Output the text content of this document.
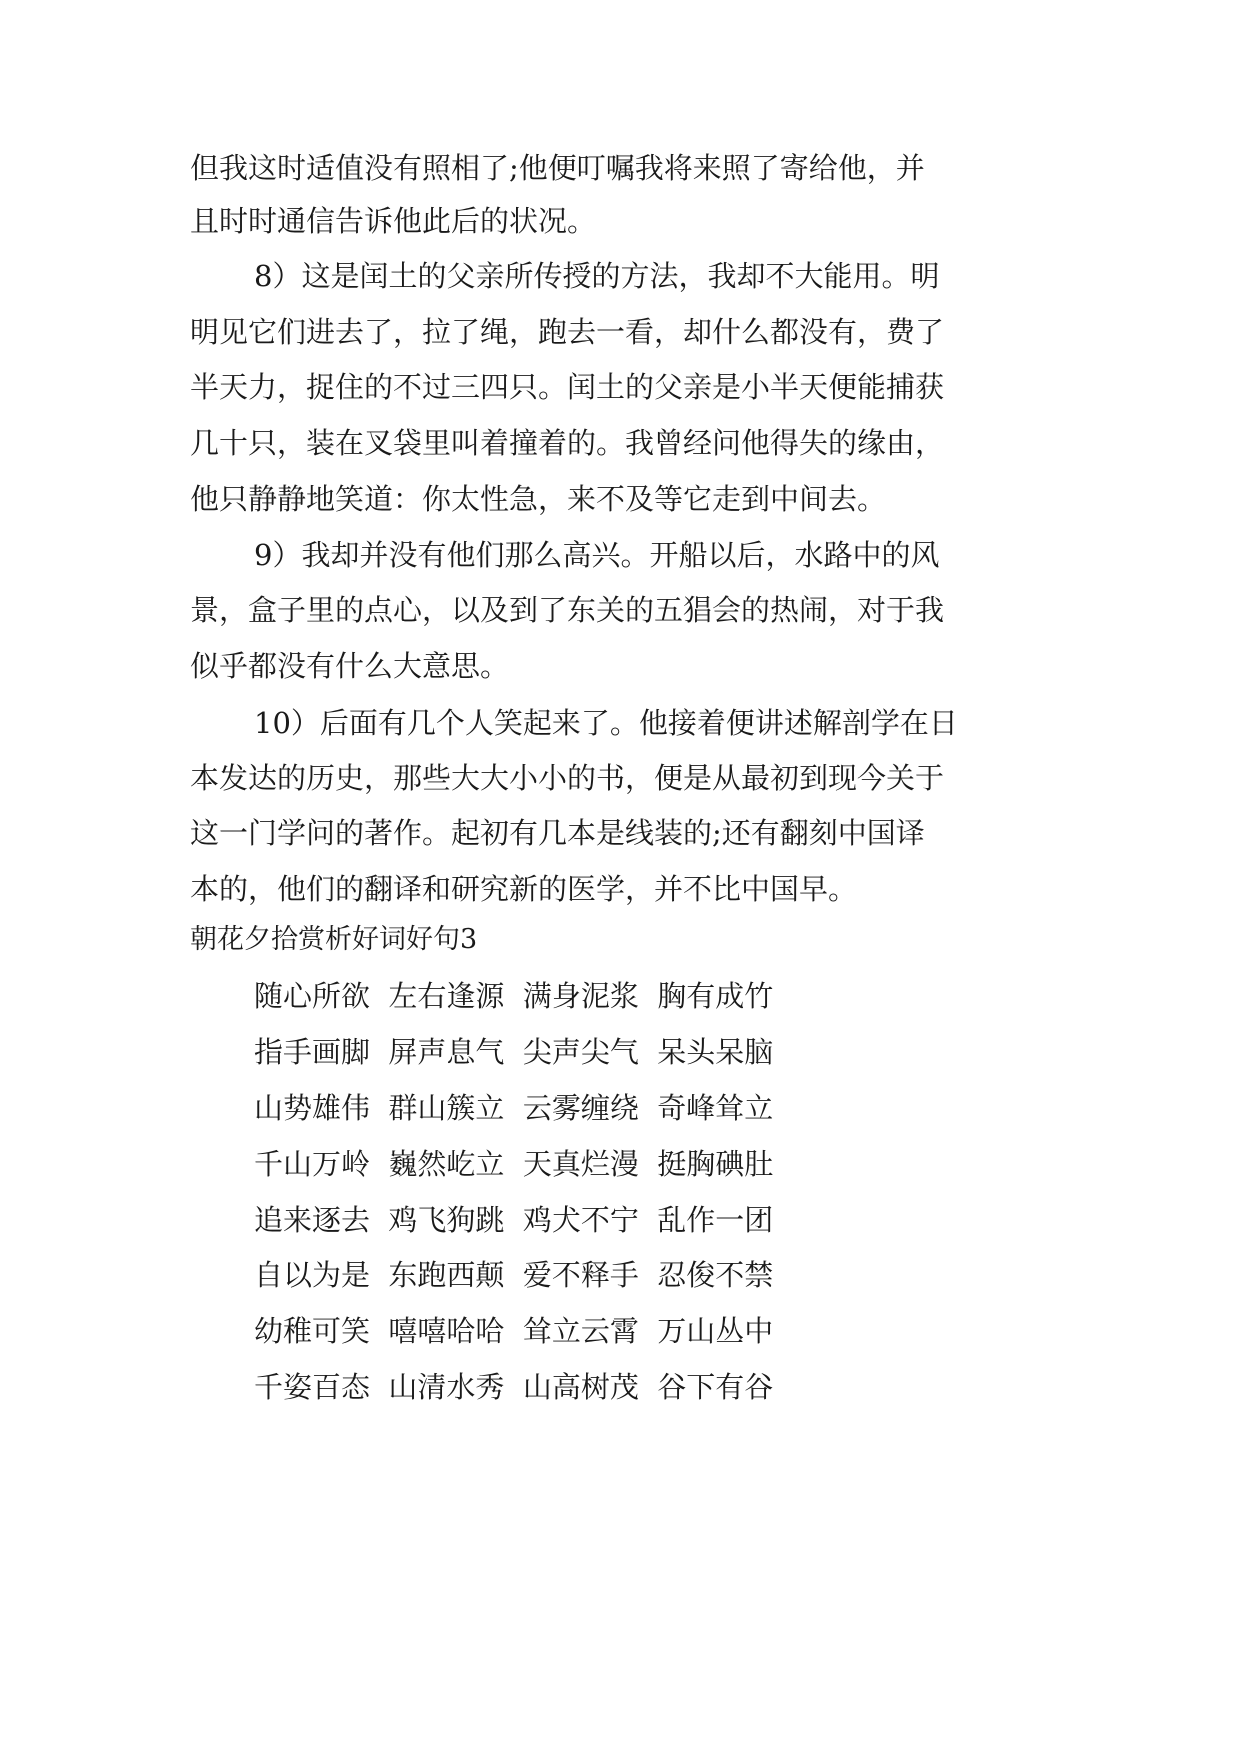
但我这时适值没有照相了;他便叮嘱我将来照了寄给他，并
且时时通信告诉他此后的状况。
8）这是闰土的父亲所传授的方法，我却不大能用。明
明见它们进去了，拉了绳，跑去一看，却什么都没有，费了
半天力，捉住的不过三四只。闰土的父亲是小半天便能捕获
几十只，装在叉袋里叫着撞着的。我曾经问他得失的缘由，
他只静静地笑道：你太性急，来不及等它走到中间去。
9）我却并没有他们那么高兴。开船以后，水路中的风
景，盒子里的点心，以及到了东关的五猖会的热闹，对于我
似乎都没有什么大意思。
10）后面有几个人笑起来了。他接着便讲述解剖学在日
本发达的历史，那些大大小小的书，便是从最初到现今关于
这一门学问的著作。起初有几本是线装的;还有翻刻中国译
本的，他们的翻译和研究新的医学，并不比中国早。
朝花夕拾赏析好词好句3
随心所欲  左右逢源  满身泥浆  胸有成竹
指手画脚  屏声息气  尖声尖气  呆头呆脑
山势雄伟  群山簇立  云雾缠绕  奇峰耸立
千山万岭  巍然屹立  天真烂漫  挺胸碘肚
追来逐去  鸡飞狗跳  鸡犬不宁  乱作一团
自以为是  东跑西颠  爱不释手  忍俊不禁
幼稚可笑  嘻嘻哈哈  耸立云霄  万山丛中
千姿百态  山清水秀  山高树茂  谷下有谷
